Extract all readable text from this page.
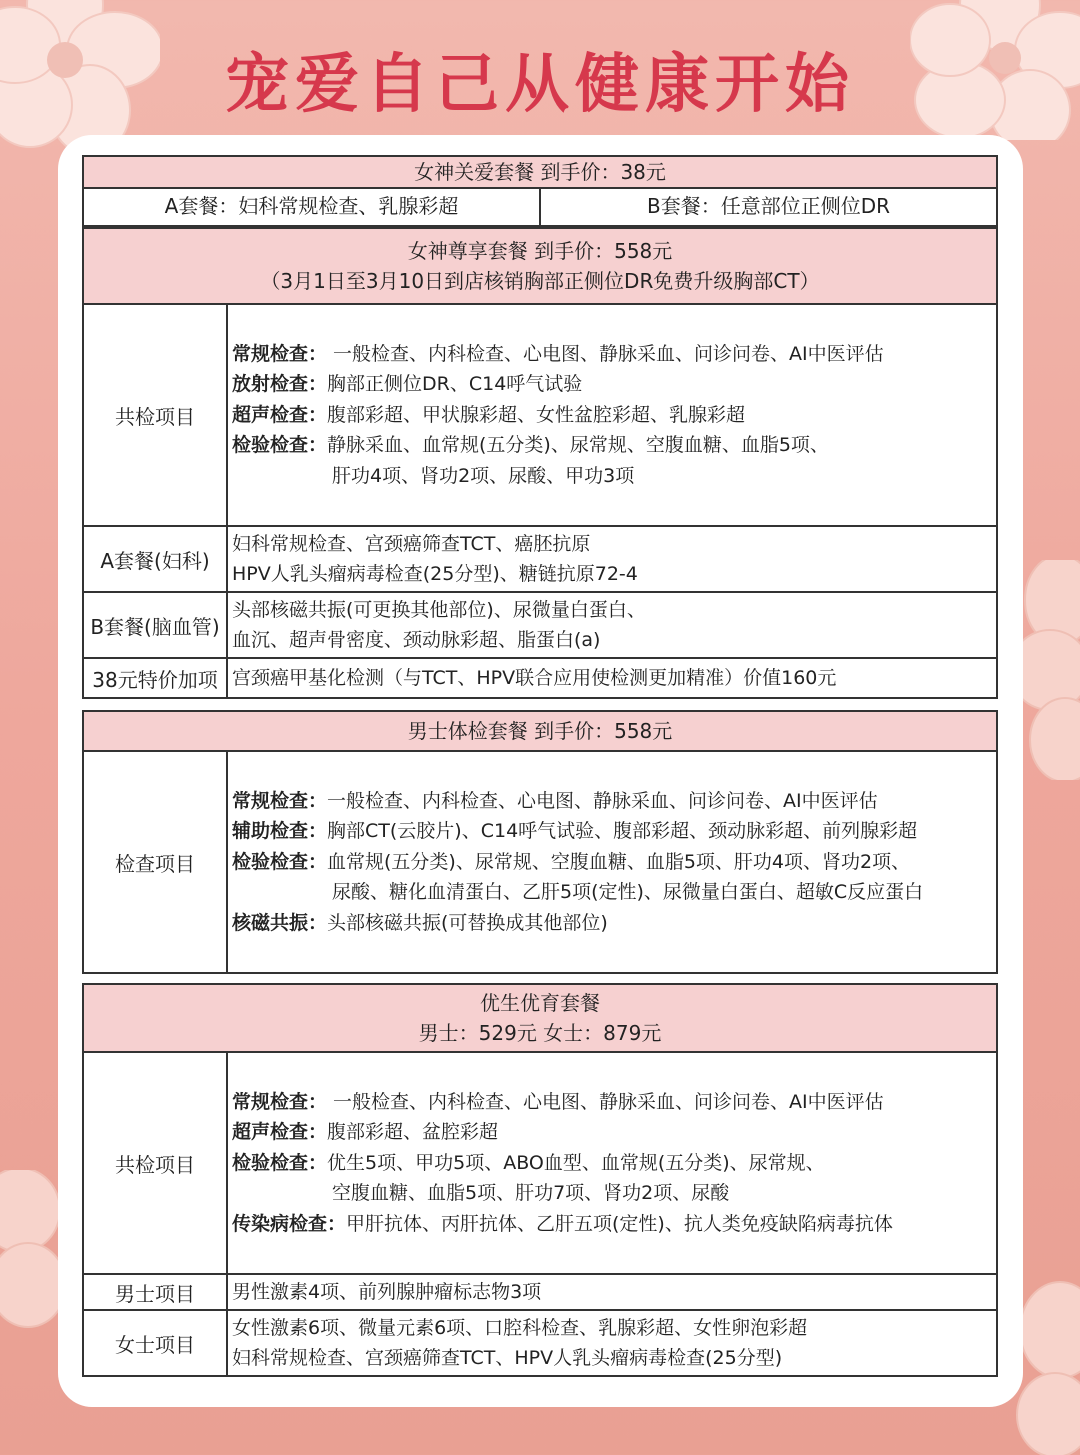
宠爱自己从健康开始
女神关爱套餐 到手价：38元
A套餐：妇科常规检查、乳腺彩超	B套餐：任意部位正侧位DR
女神尊享套餐 到手价：558元
（3月1日至3月10日到店核销胸部正侧位DR免费升级胸部CT）
共检项目
常规检查： 一般检查、内科检查、心电图、静脉采血、问诊问卷、AI中医评估
放射检查：胸部正侧位DR、C14呼气试验
超声检查：腹部彩超、甲状腺彩超、女性盆腔彩超、乳腺彩超
检验检查：静脉采血、血常规(五分类)、尿常规、空腹血糖、血脂5项、
肝功4项、肾功2项、尿酸、甲功3项
A套餐(妇科)
妇科常规检查、宫颈癌筛查TCT、癌胚抗原
HPV人乳头瘤病毒检查(25分型)、糖链抗原72-4
B套餐(脑血管)
头部核磁共振(可更换其他部位)、尿微量白蛋白、
血沉、超声骨密度、颈动脉彩超、脂蛋白(a)
38元特价加项 宫颈癌甲基化检测（与TCT、HPV联合应用使检测更加精准）价值160元
男士体检套餐 到手价：558元
检查项目
常规检查：一般检查、内科检查、心电图、静脉采血、问诊问卷、AI中医评估
辅助检查：胸部CT(云胶片)、C14呼气试验、腹部彩超、颈动脉彩超、前列腺彩超
检验检查：血常规(五分类)、尿常规、空腹血糖、血脂5项、肝功4项、肾功2项、
尿酸、糖化血清蛋白、乙肝5项(定性)、尿微量白蛋白、超敏C反应蛋白
核磁共振：头部核磁共振(可替换成其他部位)
优生优育套餐
男士：529元 女士：879元
共检项目
常规检查： 一般检查、内科检查、心电图、静脉采血、问诊问卷、AI中医评估
超声检查：腹部彩超、盆腔彩超
检验检查：优生5项、甲功5项、ABO血型、血常规(五分类)、尿常规、
空腹血糖、血脂5项、肝功7项、肾功2项、尿酸
传染病检查：甲肝抗体、丙肝抗体、乙肝五项(定性)、抗人类免疫缺陷病毒抗体
男士项目	男性激素4项、前列腺肿瘤标志物3项
女士项目
女性激素6项、微量元素6项、口腔科检查、乳腺彩超、女性卵泡彩超
妇科常规检查、宫颈癌筛查TCT、HPV人乳头瘤病毒检查(25分型)
